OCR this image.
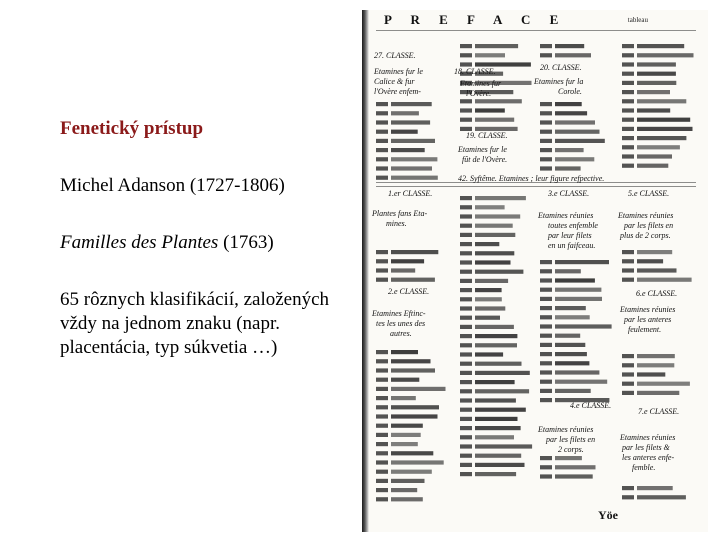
Fenetický prístup

Michel Adanson (1727-1806)

Familles des Plantes (1763)

65 rôznych klasifikácií, založených vždy na jednom znaku (napr. placentácia, typ súkvetia …)

P R E F A C E	tableau
27. CLASSE.
18. CLASSE.	20. CLASSE.
19. CLASSE.
Etamines fur le
Calice & fur
l'Ovère enfem-
Etamines fur
l'Ovère.
Etamines fur la
Corole.
Etamines fur le
fût de l'Ovère.
42. Syftême. Etamines ; leur figure refpective.
1.er CLASSE.
2.e CLASSE.
3.e CLASSE.	5.e CLASSE.
6.e CLASSE.
4.e CLASSE.
7.e CLASSE.
Plantes fans Eta-
mines.
Etamines réunies
toutes enfemble
par leur filets
en un faifceau.
Etamines réunies
par les filets en
plus de 2 corps.
Etamines Eftinc-
tes les unes des
autres.
Etamines réunies
par les anteres
feulement.
Etamines réunies
par les filets en
2 corps.
Etamines réunies
par les filets &
les anteres enfe-
femble.
Yöe
